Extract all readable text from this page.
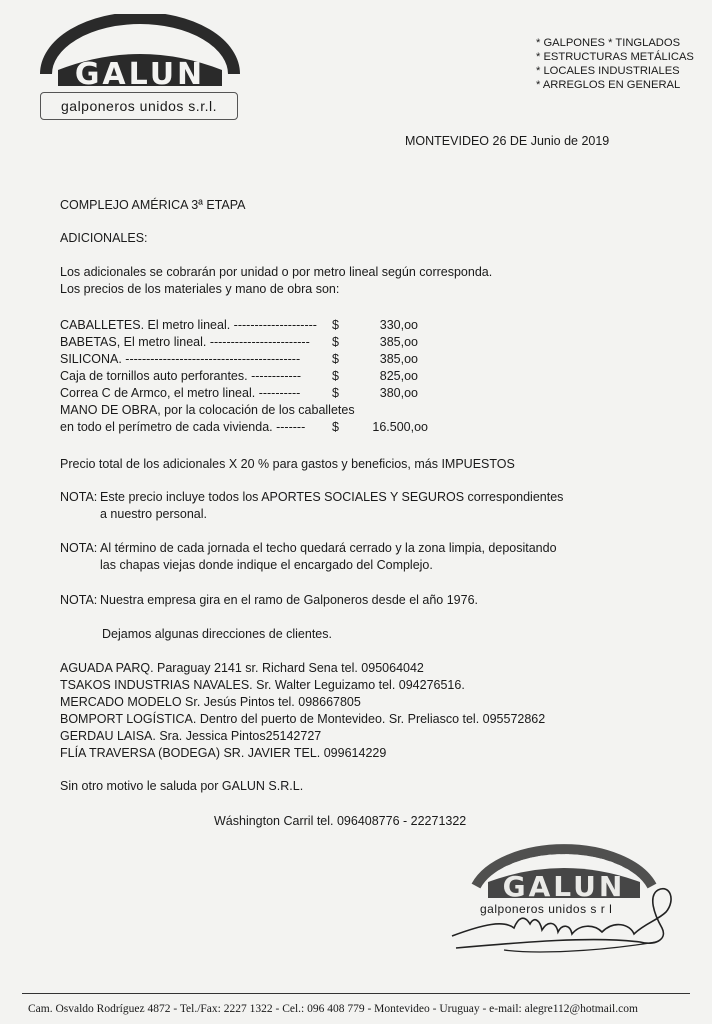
GALUN
galponeros unidos s.r.l.
* GALPONES * TINGLADOS
* ESTRUCTURAS METÁLICAS
* LOCALES INDUSTRIALES
* ARREGLOS EN GENERAL
MONTEVIDEO 26 DE Junio de 2019
COMPLEJO AMÉRICA 3ª ETAPA
ADICIONALES:
Los adicionales se cobrarán por unidad o por metro lineal según corresponda.
Los precios de los materiales y mano de obra son:
CABALLETES. El metro lineal. -------------------- $	330,oo
BABETAS, El metro lineal. ------------------------ $	385,oo
SILICONA. ------------------------------------------	$	385,oo
Caja de tornillos auto perforantes. ------------ $	825,oo
Correa C de Armco, el metro lineal. ----------	$	380,oo
MANO DE OBRA, por la colocación de los caballetes
en todo el perímetro de cada vivienda. ------- $	16.500,oo
Precio total de los adicionales X 20 % para gastos y beneficios, más IMPUESTOS
NOTA: Este precio incluye todos los APORTES SOCIALES Y SEGUROS correspondientes
a nuestro personal.
NOTA: Al término de cada jornada el techo quedará cerrado y la zona limpia, depositando
las chapas viejas donde indique el encargado del Complejo.
NOTA: Nuestra empresa gira en el ramo de Galponeros desde el año 1976.
Dejamos algunas direcciones de clientes.
AGUADA PARQ. Paraguay 2141 sr. Richard Sena tel. 095064042
TSAKOS INDUSTRIAS NAVALES. Sr. Walter Leguizamo tel. 094276516.
MERCADO MODELO Sr. Jesús Pintos tel. 098667805
BOMPORT LOGÍSTICA. Dentro del puerto de Montevideo. Sr. Preliasco tel. 095572862
GERDAU LAISA. Sra. Jessica Pintos25142727
FLÍA TRAVERSA (BODEGA) SR. JAVIER TEL. 099614229
Sin otro motivo le saluda por GALUN S.R.L.
Wáshington Carril tel. 096408776 - 22271322
GALUN
galponeros unidos s r l
Cam. Osvaldo Rodríguez 4872 - Tel./Fax: 2227 1322 - Cel.: 096 408 779 - Montevideo - Uruguay - e-mail: alegre112@hotmail.com
